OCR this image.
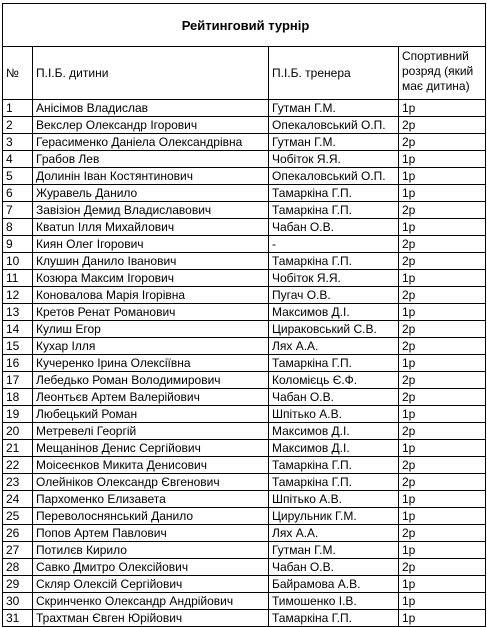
Рейтинговий турнір			
№	П.І.Б. дитини	П.І.Б. тренера	Спортивний розряд (який має дитина)
1	Анісімов Владислав	Гутман Г.М.	1р
2	Векслер Олександр Ігорович	Опекаловський О.П.	2р
3	Герасименко Даніела Олександрівна	Гутман Г.М.	2р
4	Грабов Лев	Чобіток Я.Я.	1р
5	Долинін Іван Костянтинович	Опекаловський О.П.	1р
6	Журавель Данило	Тамаркіна Г.П.	1р
7	Завізіон Демид Владиславович	Тамаркіна Г.П.	2р
8	Кватun Ілля Михайлович	Чабан О.В.	1р
9	Киян Олег Ігорович	-	2р
10	Клушин Данило Іванович	Тамаркіна Г.П.	2р
11	Козюра Максим Ігорович	Чобіток Я.Я.	1р
12	Коновалова Марія Ігорівна	Пугач О.В.	2р
13	Кретов Ренат Романович	Максимов Д.І.	1р
14	Кулиш Егор	Циpаковський С.В.	2р
15	Кухар Ілля	Лях А.А.	2р
16	Кучеренко Ірина Олексіївна	Тамаркіна Г.П.	1р
17	Лебедько Роман Володимирович	Коломієць Є.Ф.	2р
18	Леонтьєв Артем Валерійович	Чабан О.В.	2р
19	Любецький Роман	Шпітько А.В.	1р
20	Метревелі Георгій	Максимов Д.І.	2р
21	Мещанінов Денис Сергійович	Максимов Д.І.	1р
22	Моісеєнков Микита Денисович	Тамаркіна Г.П.	2р
23	Олейніков Олександр Євгенович	Тамаркіна Г.П.	2р
24	Пархоменко Елизавета	Шпітько А.В.	1р
25	Переволоснянський Данило	Цирульник Г.М.	1р
26	Попов Артем Павлович	Лях А.А.	2р
27	Потилєв Кирило	Гутман Г.М.	1р
28	Савко Дмитро Олексійович	Чабан О.В.	2р
29	Скляр Олексій Сергійович	Байрамова А.В.	1р
30	Скринченко Олександр Андрійович	Тимошенко І.В.	1р
31	Трахтман Євген Юрійович	Тамаркіна Г.П.	1р
